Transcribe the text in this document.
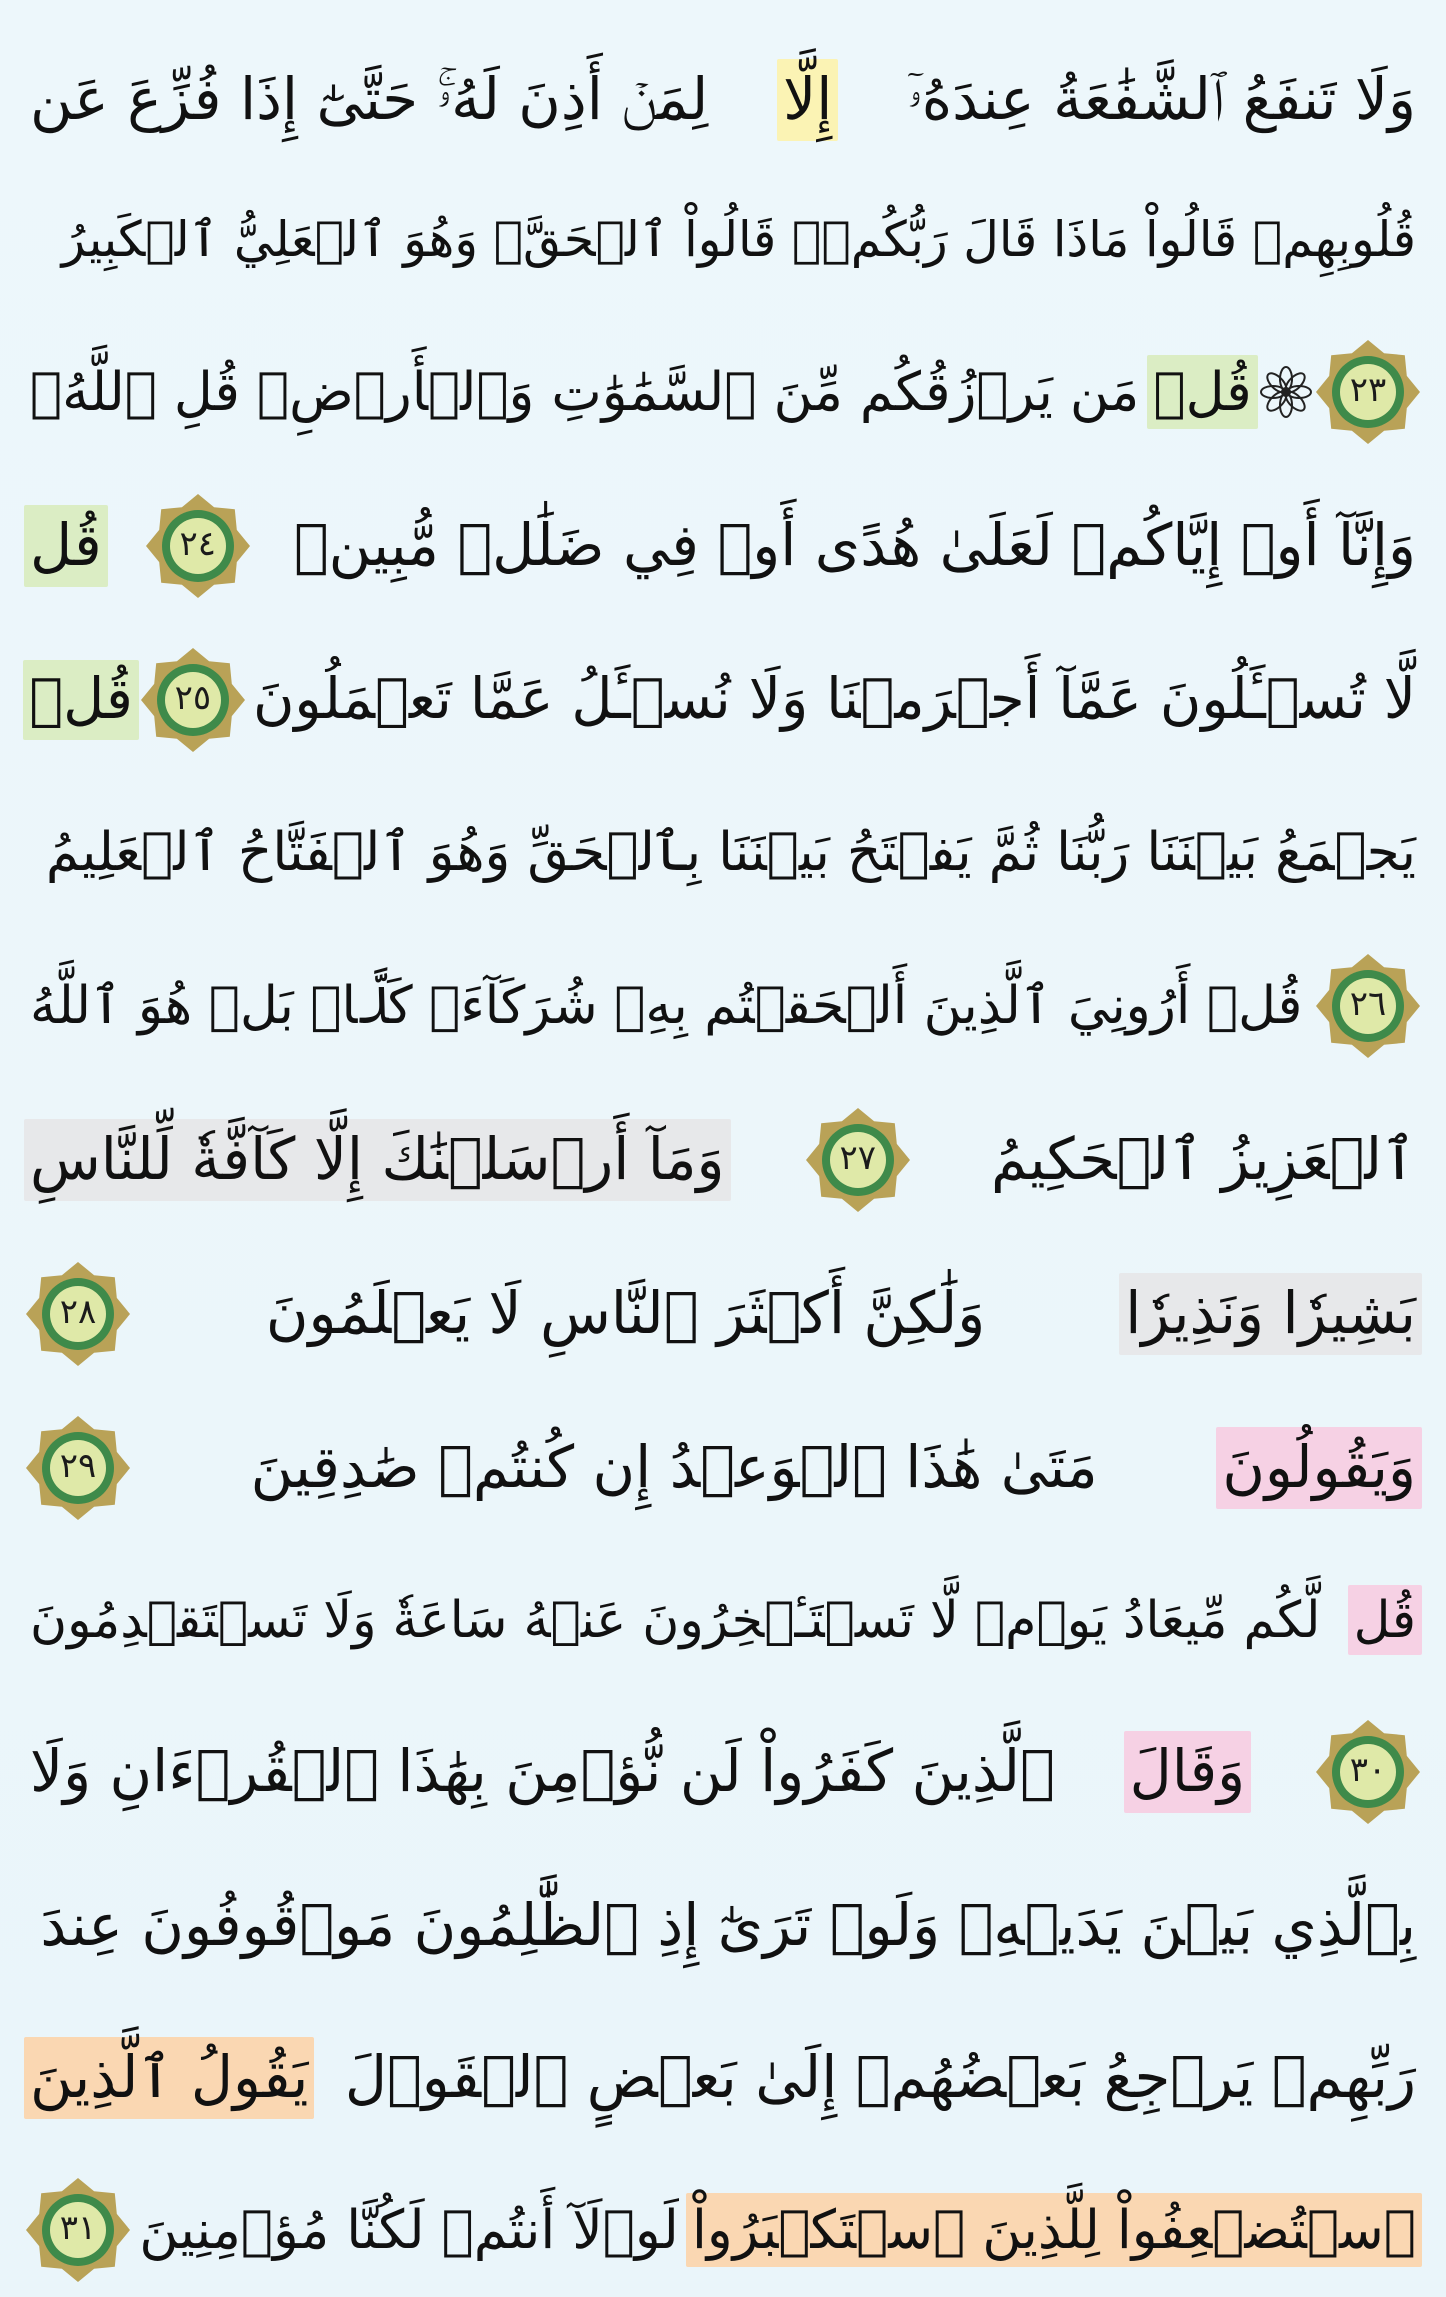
وَلَا تَنفَعُ ٱلشَّفَٰعَةُ عِندَهُۥٓ
إِلَّا
لِمَنۡ أَذِنَ لَهُۥۚ حَتَّىٰٓ إِذَا فُزِّعَ عَن
قُلُوبِهِمۡ قَالُواْ مَاذَا قَالَ رَبُّكُمۡۖ قَالُواْ ٱلۡحَقَّۖ وَهُوَ ٱلۡعَلِيُّ ٱلۡكَبِيرُ
٢٣
قُلۡ
مَن يَرۡزُقُكُم مِّنَ ٱلسَّمَٰوَٰتِ وَٱلۡأَرۡضِۖ قُلِ ٱللَّهُۖ
وَإِنَّآ أَوۡ إِيَّاكُمۡ لَعَلَىٰ هُدًى أَوۡ فِي ضَلَٰلٖ مُّبِينٖ
٢٤
قُل
لَّا تُسۡـَٔلُونَ عَمَّآ أَجۡرَمۡنَا وَلَا نُسۡـَٔلُ عَمَّا تَعۡمَلُونَ
٢٥
قُلۡ
يَجۡمَعُ بَيۡنَنَا رَبُّنَا ثُمَّ يَفۡتَحُ بَيۡنَنَا بِٱلۡحَقِّ وَهُوَ ٱلۡفَتَّاحُ ٱلۡعَلِيمُ
٢٦
قُلۡ أَرُونِيَ ٱلَّذِينَ أَلۡحَقۡتُم بِهِۦ شُرَكَآءَۖ كَلَّاۚ بَلۡ هُوَ ٱللَّهُ
ٱلۡعَزِيزُ ٱلۡحَكِيمُ
٢٧
وَمَآ أَرۡسَلۡنَٰكَ إِلَّا كَآفَّةٗ لِّلنَّاسِ
بَشِيرٗا وَنَذِيرٗا
وَلَٰكِنَّ أَكۡثَرَ ٱلنَّاسِ لَا يَعۡلَمُونَ
٢٨
وَيَقُولُونَ
مَتَىٰ هَٰذَا ٱلۡوَعۡدُ إِن كُنتُمۡ صَٰدِقِينَ
٢٩
قُل
لَّكُم مِّيعَادُ يَوۡمٖ لَّا تَسۡتَـٔۡخِرُونَ عَنۡهُ سَاعَةٗ وَلَا تَسۡتَقۡدِمُونَ
٣٠
وَقَالَ
ٱلَّذِينَ كَفَرُواْ لَن نُّؤۡمِنَ بِهَٰذَا ٱلۡقُرۡءَانِ وَلَا
بِٱلَّذِي بَيۡنَ يَدَيۡهِۗ وَلَوۡ تَرَىٰٓ إِذِ ٱلظَّٰلِمُونَ مَوۡقُوفُونَ عِندَ
رَبِّهِمۡ يَرۡجِعُ بَعۡضُهُمۡ إِلَىٰ بَعۡضٍ ٱلۡقَوۡلَ
يَقُولُ ٱلَّذِينَ
ٱسۡتُضۡعِفُواْ لِلَّذِينَ ٱسۡتَكۡبَرُواْ
لَوۡلَآ أَنتُمۡ لَكُنَّا مُؤۡمِنِينَ
٣١
